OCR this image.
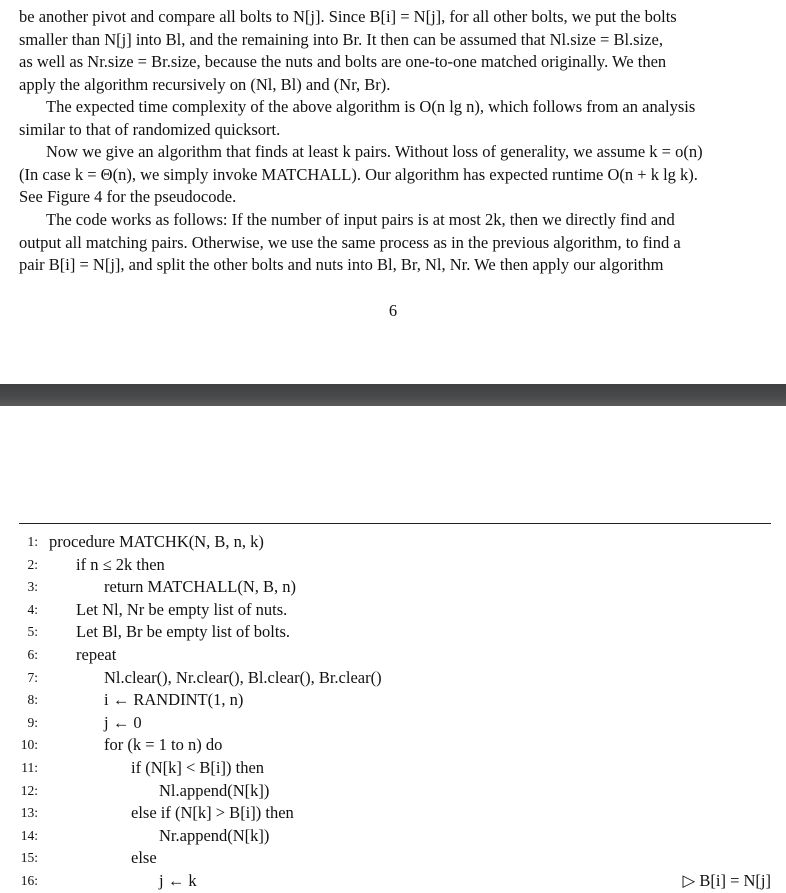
be another pivot and compare all bolts to N[j]. Since B[i] = N[j], for all other bolts, we put the bolts
smaller than N[j] into Bl, and the remaining into Br. It then can be assumed that Nl.size = Bl.size,
as well as Nr.size = Br.size, because the nuts and bolts are one-to-one matched originally. We then
apply the algorithm recursively on (Nl, Bl) and (Nr, Br).
The expected time complexity of the above algorithm is O(n lg n), which follows from an analysis
similar to that of randomized quicksort.
Now we give an algorithm that finds at least k pairs. Without loss of generality, we assume k = o(n)
(In case k = Θ(n), we simply invoke MATCHALL). Our algorithm has expected runtime O(n + k lg k).
See Figure 4 for the pseudocode.
The code works as follows: If the number of input pairs is at most 2k, then we directly find and
output all matching pairs. Otherwise, we use the same process as in the previous algorithm, to find a
pair B[i] = N[j], and split the other bolts and nuts into Bl, Br, Nl, Nr. We then apply our algorithm
6
1: procedure MATCHK(N, B, n, k)
2: if n ≤ 2k then
3:	return MATCHALL(N, B, n)
4: Let Nl, Nr be empty list of nuts.
5: Let Bl, Br be empty list of bolts.
6: repeat
7:	Nl.clear(), Nr.clear(), Bl.clear(), Br.clear()
8:	i ← RANDINT(1, n)
9:	j ← 0
10:	for (k = 1 to n) do
11:	if (N[k] < B[i]) then
12:	Nl.append(N[k])
13:	else if (N[k] > B[i]) then
14:	Nr.append(N[k])
15:	else
16:	j ← k	▷ B[i] = N[j]
